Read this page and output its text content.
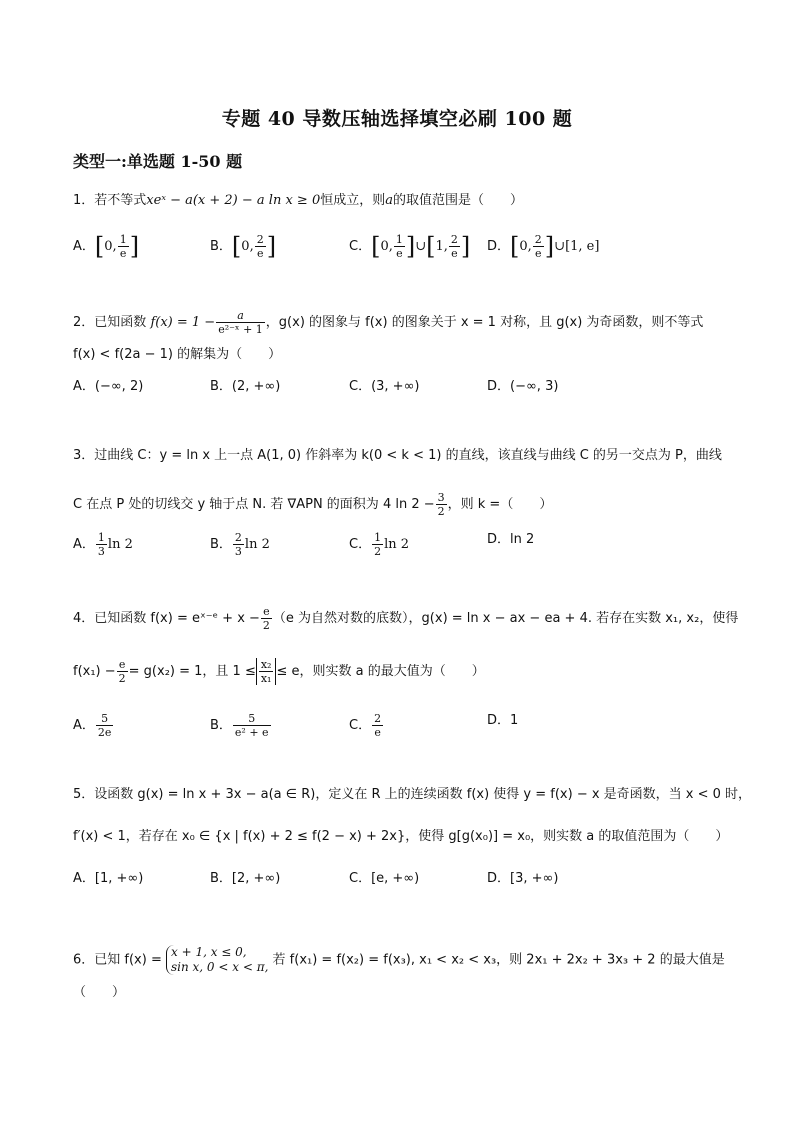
专题 40 导数压轴选择填空必刷 100 题
类型一:单选题 1-50 题
1．若不等式xeˣ − a(x + 2) − a ln x ≥ 0恒成立，则a的取值范围是（　　）
A．[0, $\frac{1}{e}$ ]	B．[0, $\frac{2}{e}$ ]	C．[0, $\frac{1}{e}$ ]∪[1, $\frac{2}{e}$ ] D．[0, $\frac{2}{e}$ ]∪[1, e]
2．已知函数 $f(x) = 1 - \frac{a}{\text{e²⁻ˣ + 1}}$ ，g(x) 的图象与 f(x) 的图象关于 x = 1 对称，且 g(x) 为奇函数，则不等式
f(x) < f(2a − 1) 的解集为（　　）
A．(−∞, 2)	B．(2, +∞)	C．(3, +∞)	D．(−∞, 3)
3．过曲线 C：y = ln x 上一点 A(1, 0) 作斜率为 k(0 < k < 1) 的直线，该直线与曲线 C 的另一交点为 P，曲线
C 在点 P 处的切线交 y 轴于点 N. 若 ∇APN 的面积为 4 $\ln 2 - \frac{3}{2}$ ，则 k =（　　）
A． $\frac{1}{3}$ ln 2	B． $\frac{2}{3}$ ln 2	C． $\frac{1}{2}$ ln 2	D．ln 2
4．已知函数 f(x) = eˣ⁻ᵉ + $x - \frac{e}{2} (e$ 为自然对数的底数），g(x) = ln x − ax − ea + 4. 若存在实数 x₁, x₂，使得
$f(x_1) - \frac{e}{2} = g(x_2) = 1$，且 $1 \le \frac{\text{x₂}}{\text{x₁}} \le e$，则实数 a 的最大值为（　　）
A． $\frac{5}{2e}$	B． $\frac{5}{\text{e² + e}}$	C． $\frac{2}{e}$	D．1
5．设函数 g(x) = ln x + 3x − a(a ∈ R)，定义在 R 上的连续函数 f(x) 使得 y = f(x) − x 是奇函数，当 x < 0 时，
f′(x) < 1，若存在 x₀ ∈ {x | f(x) + 2 ≤ f(2 − x) + 2x}，使得 g[g(x₀)] = x₀，则实数 a 的取值范围为（　　）
A．[1, +∞)	B．[2, +∞)	C．[e, +∞)	D．[3, +∞)
6．已知 f(x) =
x + 1, x ≤ 0,
sin x, 0 < x < π, 若 f(x₁) = f(x₂) = f(x₃), x₁ < x₂ < x₃，则 2x₁ + 2x₂ + 3x₃ + 2 的最大值是
（　　）
